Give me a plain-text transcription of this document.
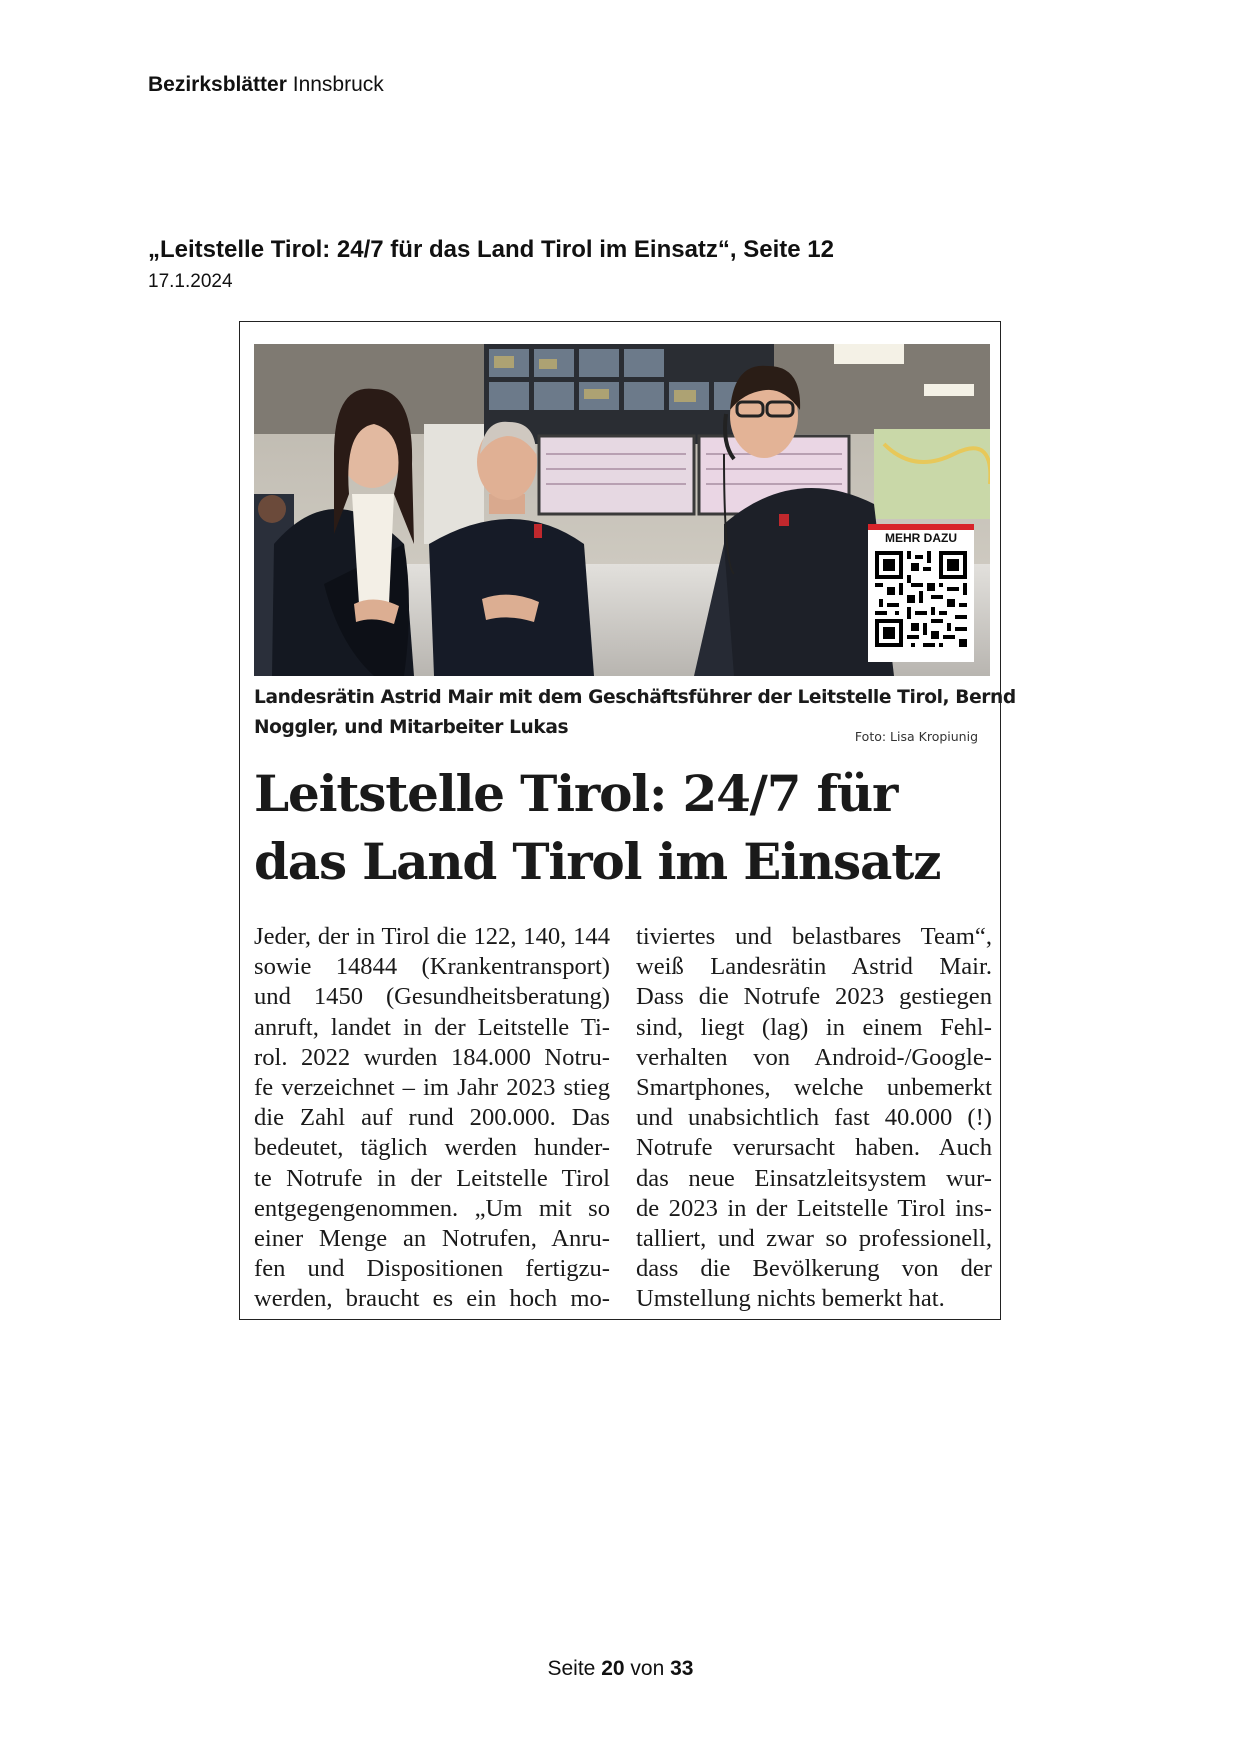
Bezirksblätter Innsbruck
„Leitstelle Tirol: 24/7 für das Land Tirol im Einsatz“, Seite 12
17.1.2024
MEHR DAZU
Landesrätin Astrid Mair mit dem Geschäftsführer der Leitstelle Tirol, Bernd
Noggler, und Mitarbeiter Lukas	Foto: Lisa Kropiunig
Leitstelle Tirol: 24/7 für
das Land Tirol im Einsatz
Jeder, der in Tirol die 122, 140, 144
sowie 14844 (Krankentransport)
und 1450 (Gesundheitsberatung)
anruft, landet in der Leitstelle Ti-
rol. 2022 wurden 184.000 Notru-
fe verzeichnet – im Jahr 2023 stieg
die Zahl auf rund 200.000. Das
bedeutet, täglich werden hunder-
te Notrufe in der Leitstelle Tirol
entgegengenommen. „Um mit so
einer Menge an Notrufen, Anru-
fen und Dispositionen fertigzu-
werden, braucht es ein hoch mo-
tiviertes und belastbares Team“,
weiß Landesrätin Astrid Mair.
Dass die Notrufe 2023 gestiegen
sind, liegt (lag) in einem Fehl-
verhalten von Android-/Google-
Smartphones, welche unbemerkt
und unabsichtlich fast 40.000 (!)
Notrufe verursacht haben. Auch
das neue Einsatzleitsystem wur-
de 2023 in der Leitstelle Tirol ins-
talliert, und zwar so professionell,
dass die Bevölkerung von der
Umstellung nichts bemerkt hat.
Seite 20 von 33
